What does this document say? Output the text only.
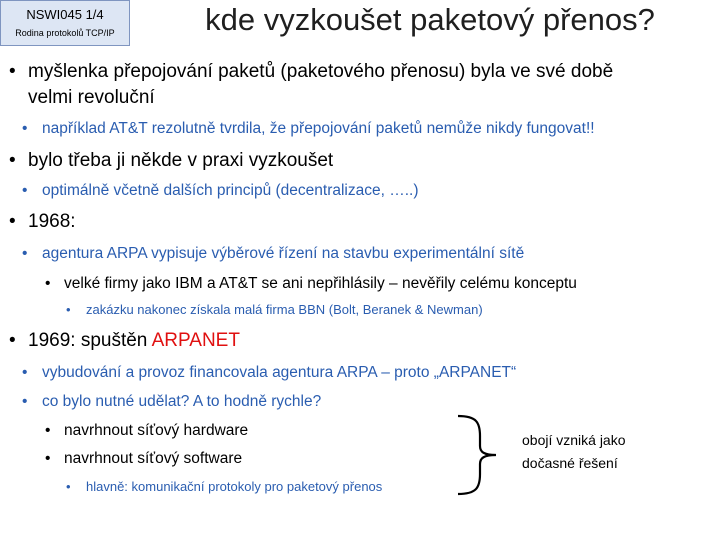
NSWI045 1/4
Rodina protokolů TCP/IP	kde vyzkoušet paketový přenos?
• myšlenka přepojování paketů (paketového přenosu) byla ve své době
velmi revoluční
• například AT&T rezolutně tvrdila, že přepojování paketů nemůže nikdy fungovat!!
• bylo třeba ji někde v praxi vyzkoušet
• optimálně včetně dalších principů (decentralizace, …..)
• 1968:
• agentura ARPA vypisuje výběrové řízení na stavbu experimentální sítě
• velké firmy jako IBM a AT&T se ani nepřihlásily – nevěřily celému konceptu
• zakázku nakonec získala malá firma BBN (Bolt, Beranek & Newman)
• 1969: spuštěn ARPANET
• vybudování a provoz financovala agentura ARPA – proto „ARPANET“
• co bylo nutné udělat? A to hodně rychle?
• navrhnout síťový hardware
• navrhnout síťový software
• hlavně: komunikační protokoly pro paketový přenos
obojí vzniká jako
dočasné řešení
